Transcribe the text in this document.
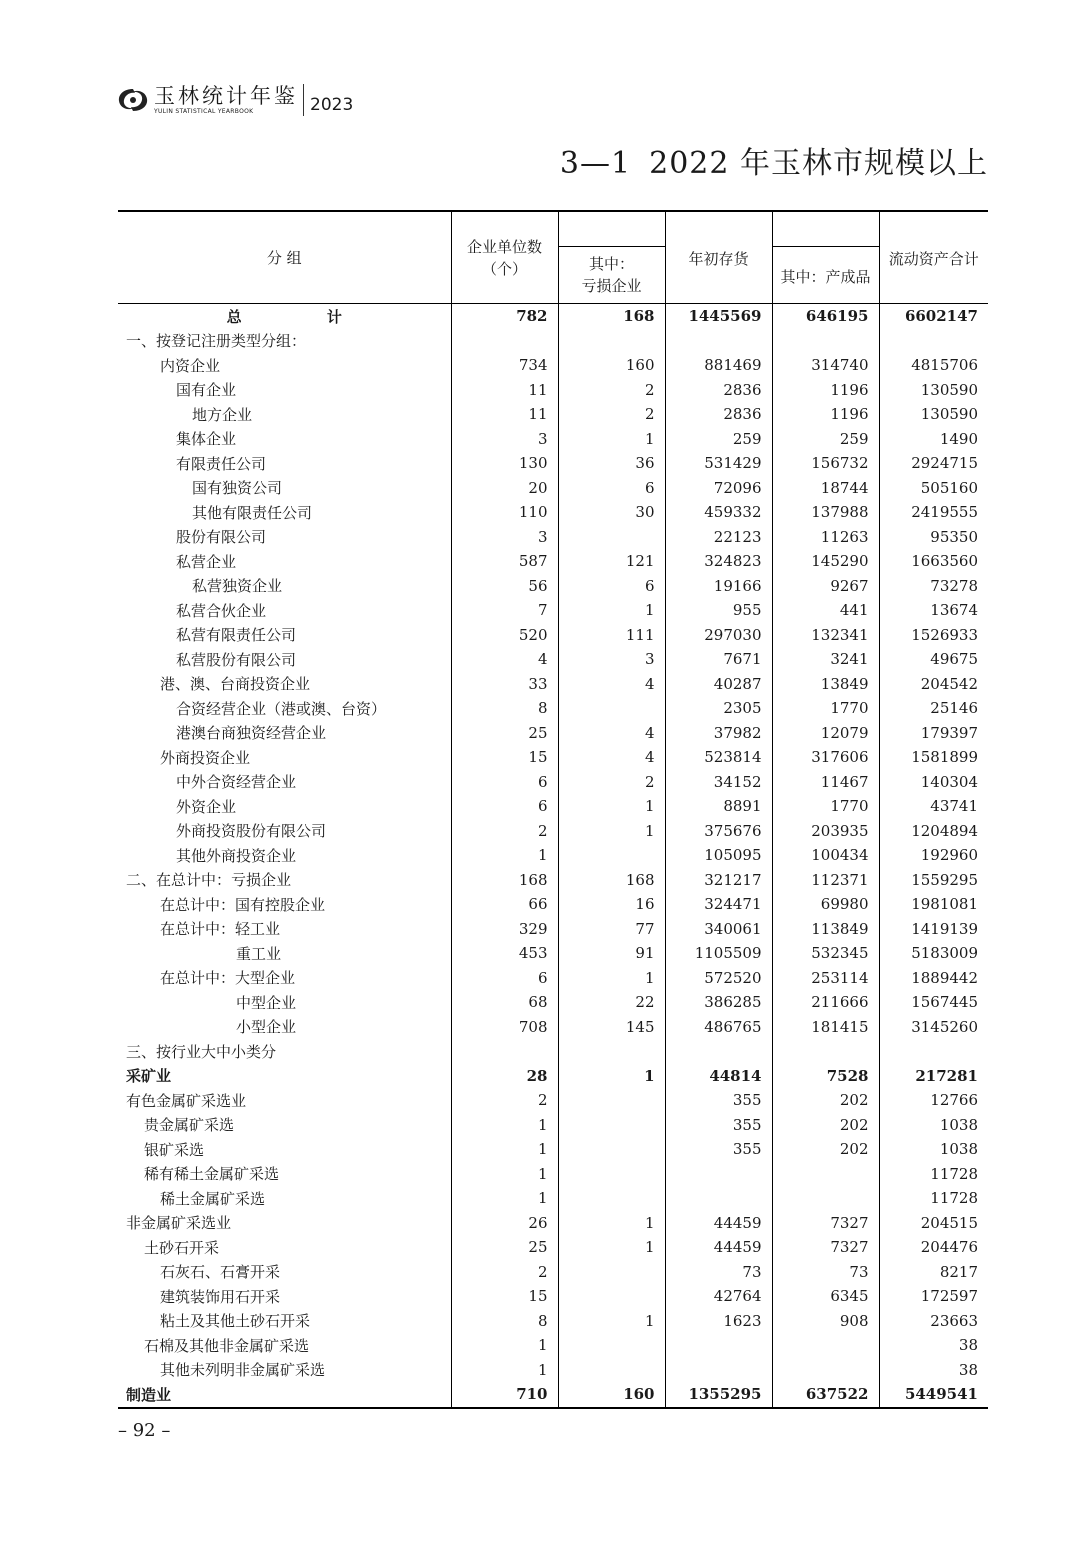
玉林统计年鉴
YULIN STATISTICAL YEARBOOK	2023
3—1 2022 年玉林市规模以上
分 组	企业单位数
（个）		年初存货		流动资产合计

		其中：
亏损企业		其中：产成品	
总 计	782	168	1445569	646195	6602147
一、按登记注册类型分组：					
内资企业	734	160	881469	314740	4815706
国有企业	11	2	2836	1196	130590
地方企业	11	2	2836	1196	130590
集体企业	3	1	259	259	1490
有限责任公司	130	36	531429	156732	2924715
国有独资公司	20	6	72096	18744	505160
其他有限责任公司	110	30	459332	137988	2419555
股份有限公司	3		22123	11263	95350
私营企业	587	121	324823	145290	1663560
私营独资企业	56	6	19166	9267	73278
私营合伙企业	7	1	955	441	13674
私营有限责任公司	520	111	297030	132341	1526933
私营股份有限公司	4	3	7671	3241	49675
港、澳、台商投资企业	33	4	40287	13849	204542
合资经营企业（港或澳、台资）	8		2305	1770	25146
港澳台商独资经营企业	25	4	37982	12079	179397
外商投资企业	15	4	523814	317606	1581899
中外合资经营企业	6	2	34152	11467	140304
外资企业	6	1	8891	1770	43741
外商投资股份有限公司	2	1	375676	203935	1204894
其他外商投资企业	1		105095	100434	192960
二、在总计中：亏损企业	168	168	321217	112371	1559295
在总计中：国有控股企业	66	16	324471	69980	1981081
在总计中：轻工业	329	77	340061	113849	1419139
重工业	453	91	1105509	532345	5183009
在总计中：大型企业	6	1	572520	253114	1889442
中型企业	68	22	386285	211666	1567445
小型企业	708	145	486765	181415	3145260
三、按行业大中小类分					
采矿业	28	1	44814	7528	217281
有色金属矿采选业	2		355	202	12766
贵金属矿采选	1		355	202	1038
银矿采选	1		355	202	1038
稀有稀土金属矿采选	1				11728
稀土金属矿采选	1				11728
非金属矿采选业	26	1	44459	7327	204515
土砂石开采	25	1	44459	7327	204476
石灰石、石膏开采	2		73	73	8217
建筑装饰用石开采	15		42764	6345	172597
粘土及其他土砂石开采	8	1	1623	908	23663
石棉及其他非金属矿采选	1				38
其他未列明非金属矿采选	1				38
制造业	710	160	1355295	637522	5449541
– 92 –
